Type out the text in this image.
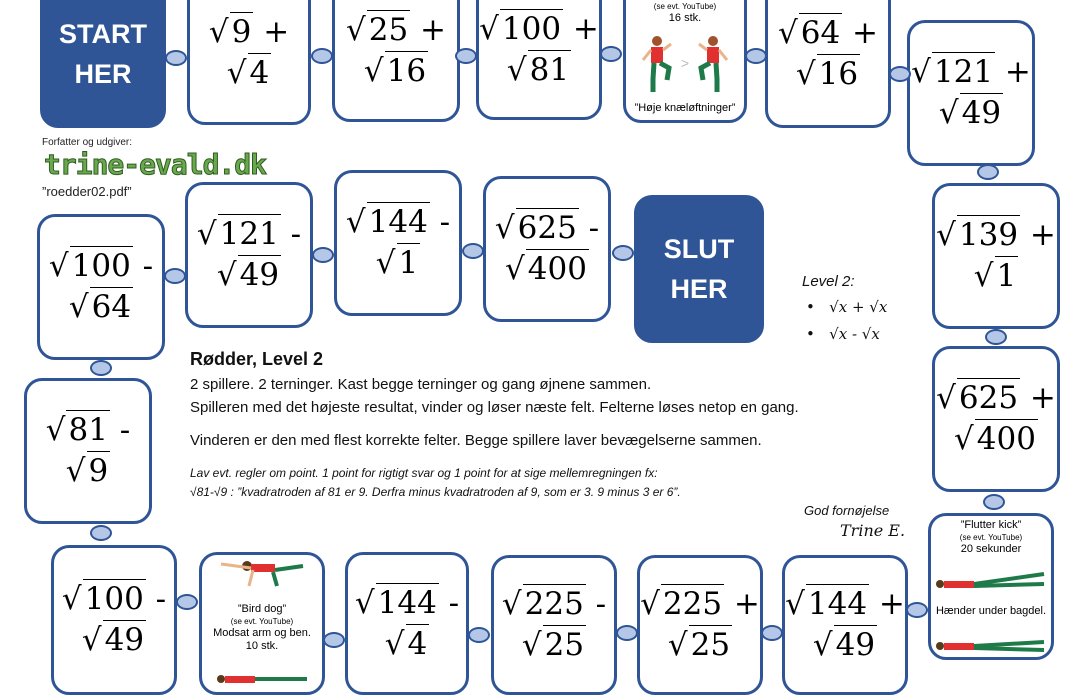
START
HER
√9 +
√4
√25 +
√16
√100 +
√81
(se evt. YouTube)
16 stk.
>
”Høje knæløftninger”
√64 +
√16 √121 +
√49
√139 +
√1
√625 +
√400
”Flutter kick”
(se evt. YouTube)
20 sekunder
Hænder under bagdel.
√144 +
√49
√225 +
√25
√225 -
√25
√144 -
√4
”Bird dog”
(se evt. YouTube)
Modsat arm og ben.
10 stk.
√100 -
√49
√81 -
√9
√100 -
√64
√121 -
√49
√144 -
√1
√625 -
√400
SLUT
HER
Forfatter og udgiver:
trine-evald.dk
”roedder02.pdf”
Level 2:
•   √x + √x
•   √x - √x
Rødder, Level 2
2 spillere. 2 terninger. Kast begge terninger og gang øjnene sammen.
Spilleren med det højeste resultat, vinder og løser næste felt. Felterne løses netop en gang.
Vinderen er den med flest korrekte felter. Begge spillere laver bevægelserne sammen.
Lav evt. regler om point. 1 point for rigtigt svar og 1 point for at sige mellemregningen fx:
√81-√9 : ”kvadratroden af 81 er 9. Derfra minus kvadratroden af 9, som er 3. 9 minus 3 er 6”.
God fornøjelse
Trine E.
